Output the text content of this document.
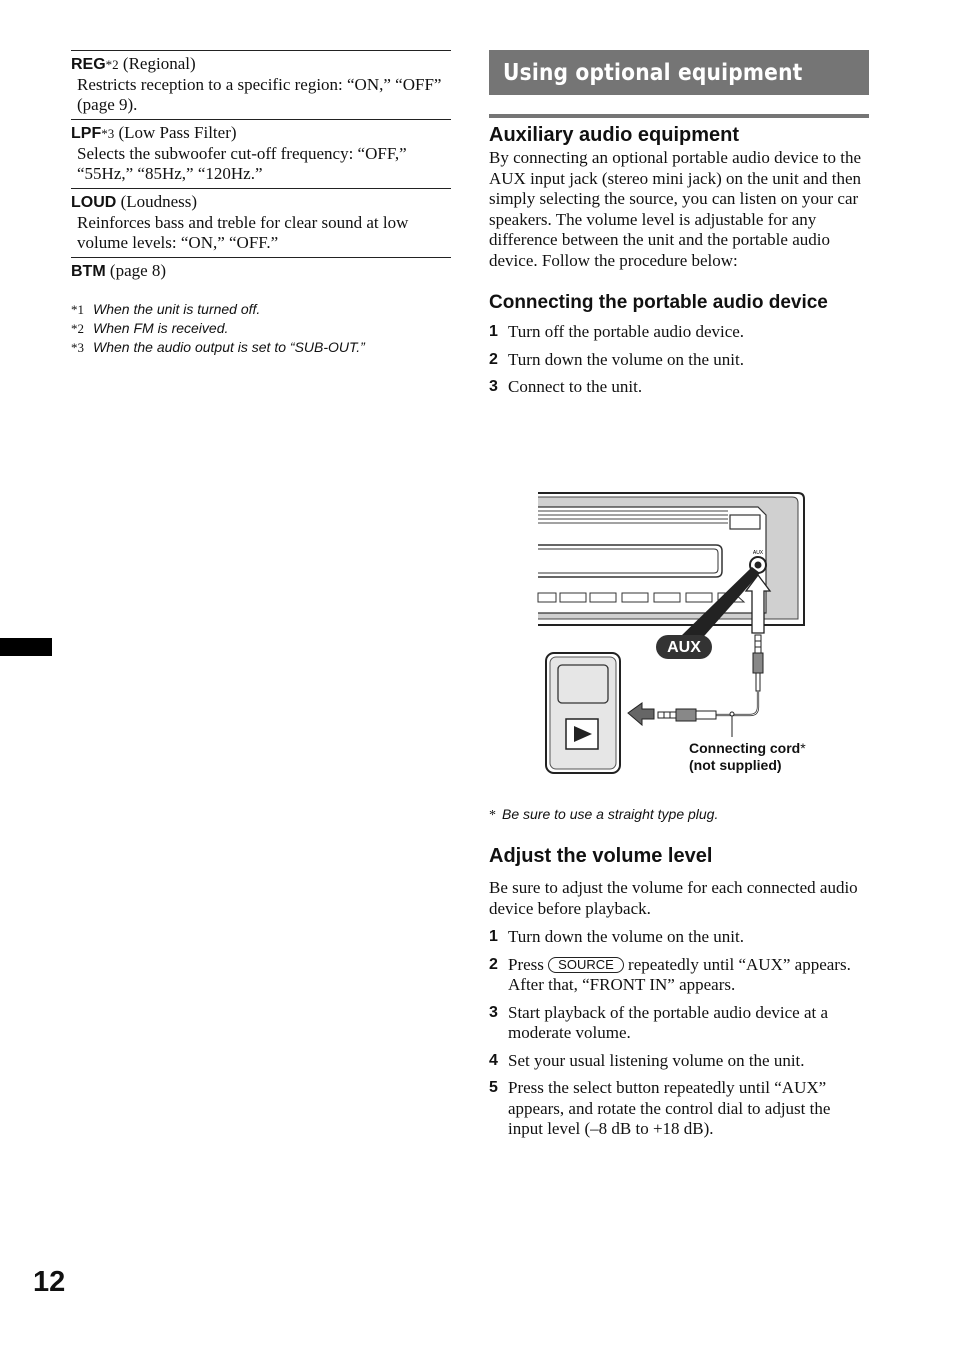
REG*2 (Regional)
Restricts reception to a specific region: “ON,” “OFF” (page 9).
LPF*3 (Low Pass Filter)
Selects the subwoofer cut-off frequency: “OFF,” “55Hz,” “85Hz,” “120Hz.”
LOUD (Loudness)
Reinforces bass and treble for clear sound at low volume levels: “ON,” “OFF.”
BTM (page 8)
*1 When the unit is turned off.
*2 When FM is received.
*3 When the audio output is set to “SUB-OUT.”
12
Using optional equipment
Auxiliary audio equipment

By connecting an optional portable audio device to the AUX input jack (stereo mini jack) on the unit and then simply selecting the source, you can listen on your car speakers. The volume level is adjustable for any difference between the unit and the portable audio device. Follow the procedure below:

Connecting the portable audio device
1 Turn off the portable audio device.
2 Turn down the volume on the unit.
3 Connect to the unit.
AUX
AUX
Connecting cord*
(not supplied)
* Be sure to use a straight type plug.
Adjust the volume level

Be sure to adjust the volume for each connected audio device before playback.

1 Turn down the volume on the unit.
2 Press SOURCE repeatedly until “AUX” appears.
After that, “FRONT IN” appears.
3 Start playback of the portable audio device at a moderate volume.
4 Set your usual listening volume on the unit.
5 Press the select button repeatedly until “AUX” appears, and rotate the control dial to adjust the input level (–8 dB to +18 dB).
